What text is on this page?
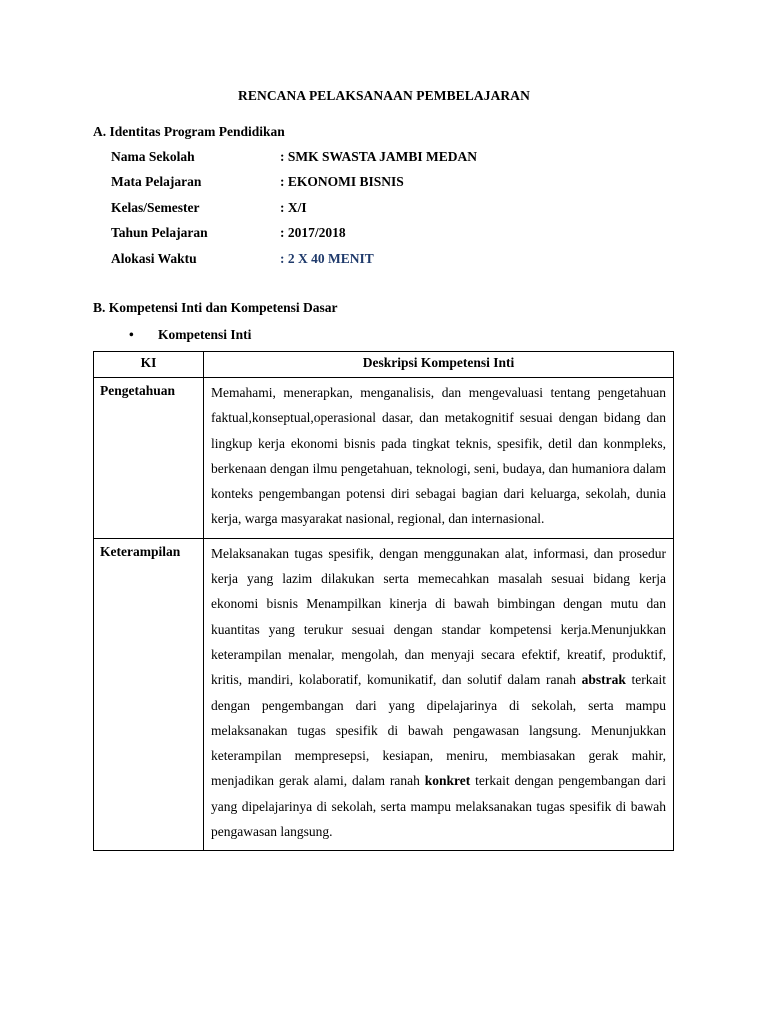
RENCANA PELAKSANAAN PEMBELAJARAN
A. Identitas Program Pendidikan
Nama Sekolah	: SMK SWASTA JAMBI MEDAN
Mata Pelajaran	: EKONOMI BISNIS
Kelas/Semester	: X/I
Tahun Pelajaran	: 2017/2018
Alokasi Waktu	: 2 X 40 MENIT
B. Kompetensi Inti dan Kompetensi Dasar
• Kompetensi Inti
KI	Deskripsi Kompetensi Inti
Pengetahuan	Memahami, menerapkan, menganalisis, dan mengevaluasi tentang pengetahuan faktual,konseptual,operasional dasar, dan metakognitif sesuai dengan bidang dan lingkup kerja ekonomi bisnis pada tingkat teknis, spesifik, detil dan konmpleks, berkenaan dengan ilmu pengetahuan, teknologi, seni, budaya, dan humaniora dalam konteks pengembangan potensi diri sebagai bagian dari keluarga, sekolah, dunia kerja, warga masyarakat nasional, regional, dan internasional.
Keterampilan	Melaksanakan tugas spesifik, dengan menggunakan alat, informasi, dan prosedur kerja yang lazim dilakukan serta memecahkan masalah sesuai bidang kerja ekonomi bisnis Menampilkan kinerja di bawah bimbingan dengan mutu dan kuantitas yang terukur sesuai dengan standar kompetensi kerja.Menunjukkan keterampilan menalar, mengolah, dan menyaji secara efektif, kreatif, produktif, kritis, mandiri, kolaboratif, komunikatif, dan solutif dalam ranah abstrak terkait dengan pengembangan dari yang dipelajarinya di sekolah, serta mampu melaksanakan tugas spesifik di bawah pengawasan langsung. Menunjukkan keterampilan mempresepsi, kesiapan, meniru, membiasakan gerak mahir, menjadikan gerak alami, dalam ranah konkret terkait dengan pengembangan dari yang dipelajarinya di sekolah, serta mampu melaksanakan tugas spesifik di bawah pengawasan langsung.
